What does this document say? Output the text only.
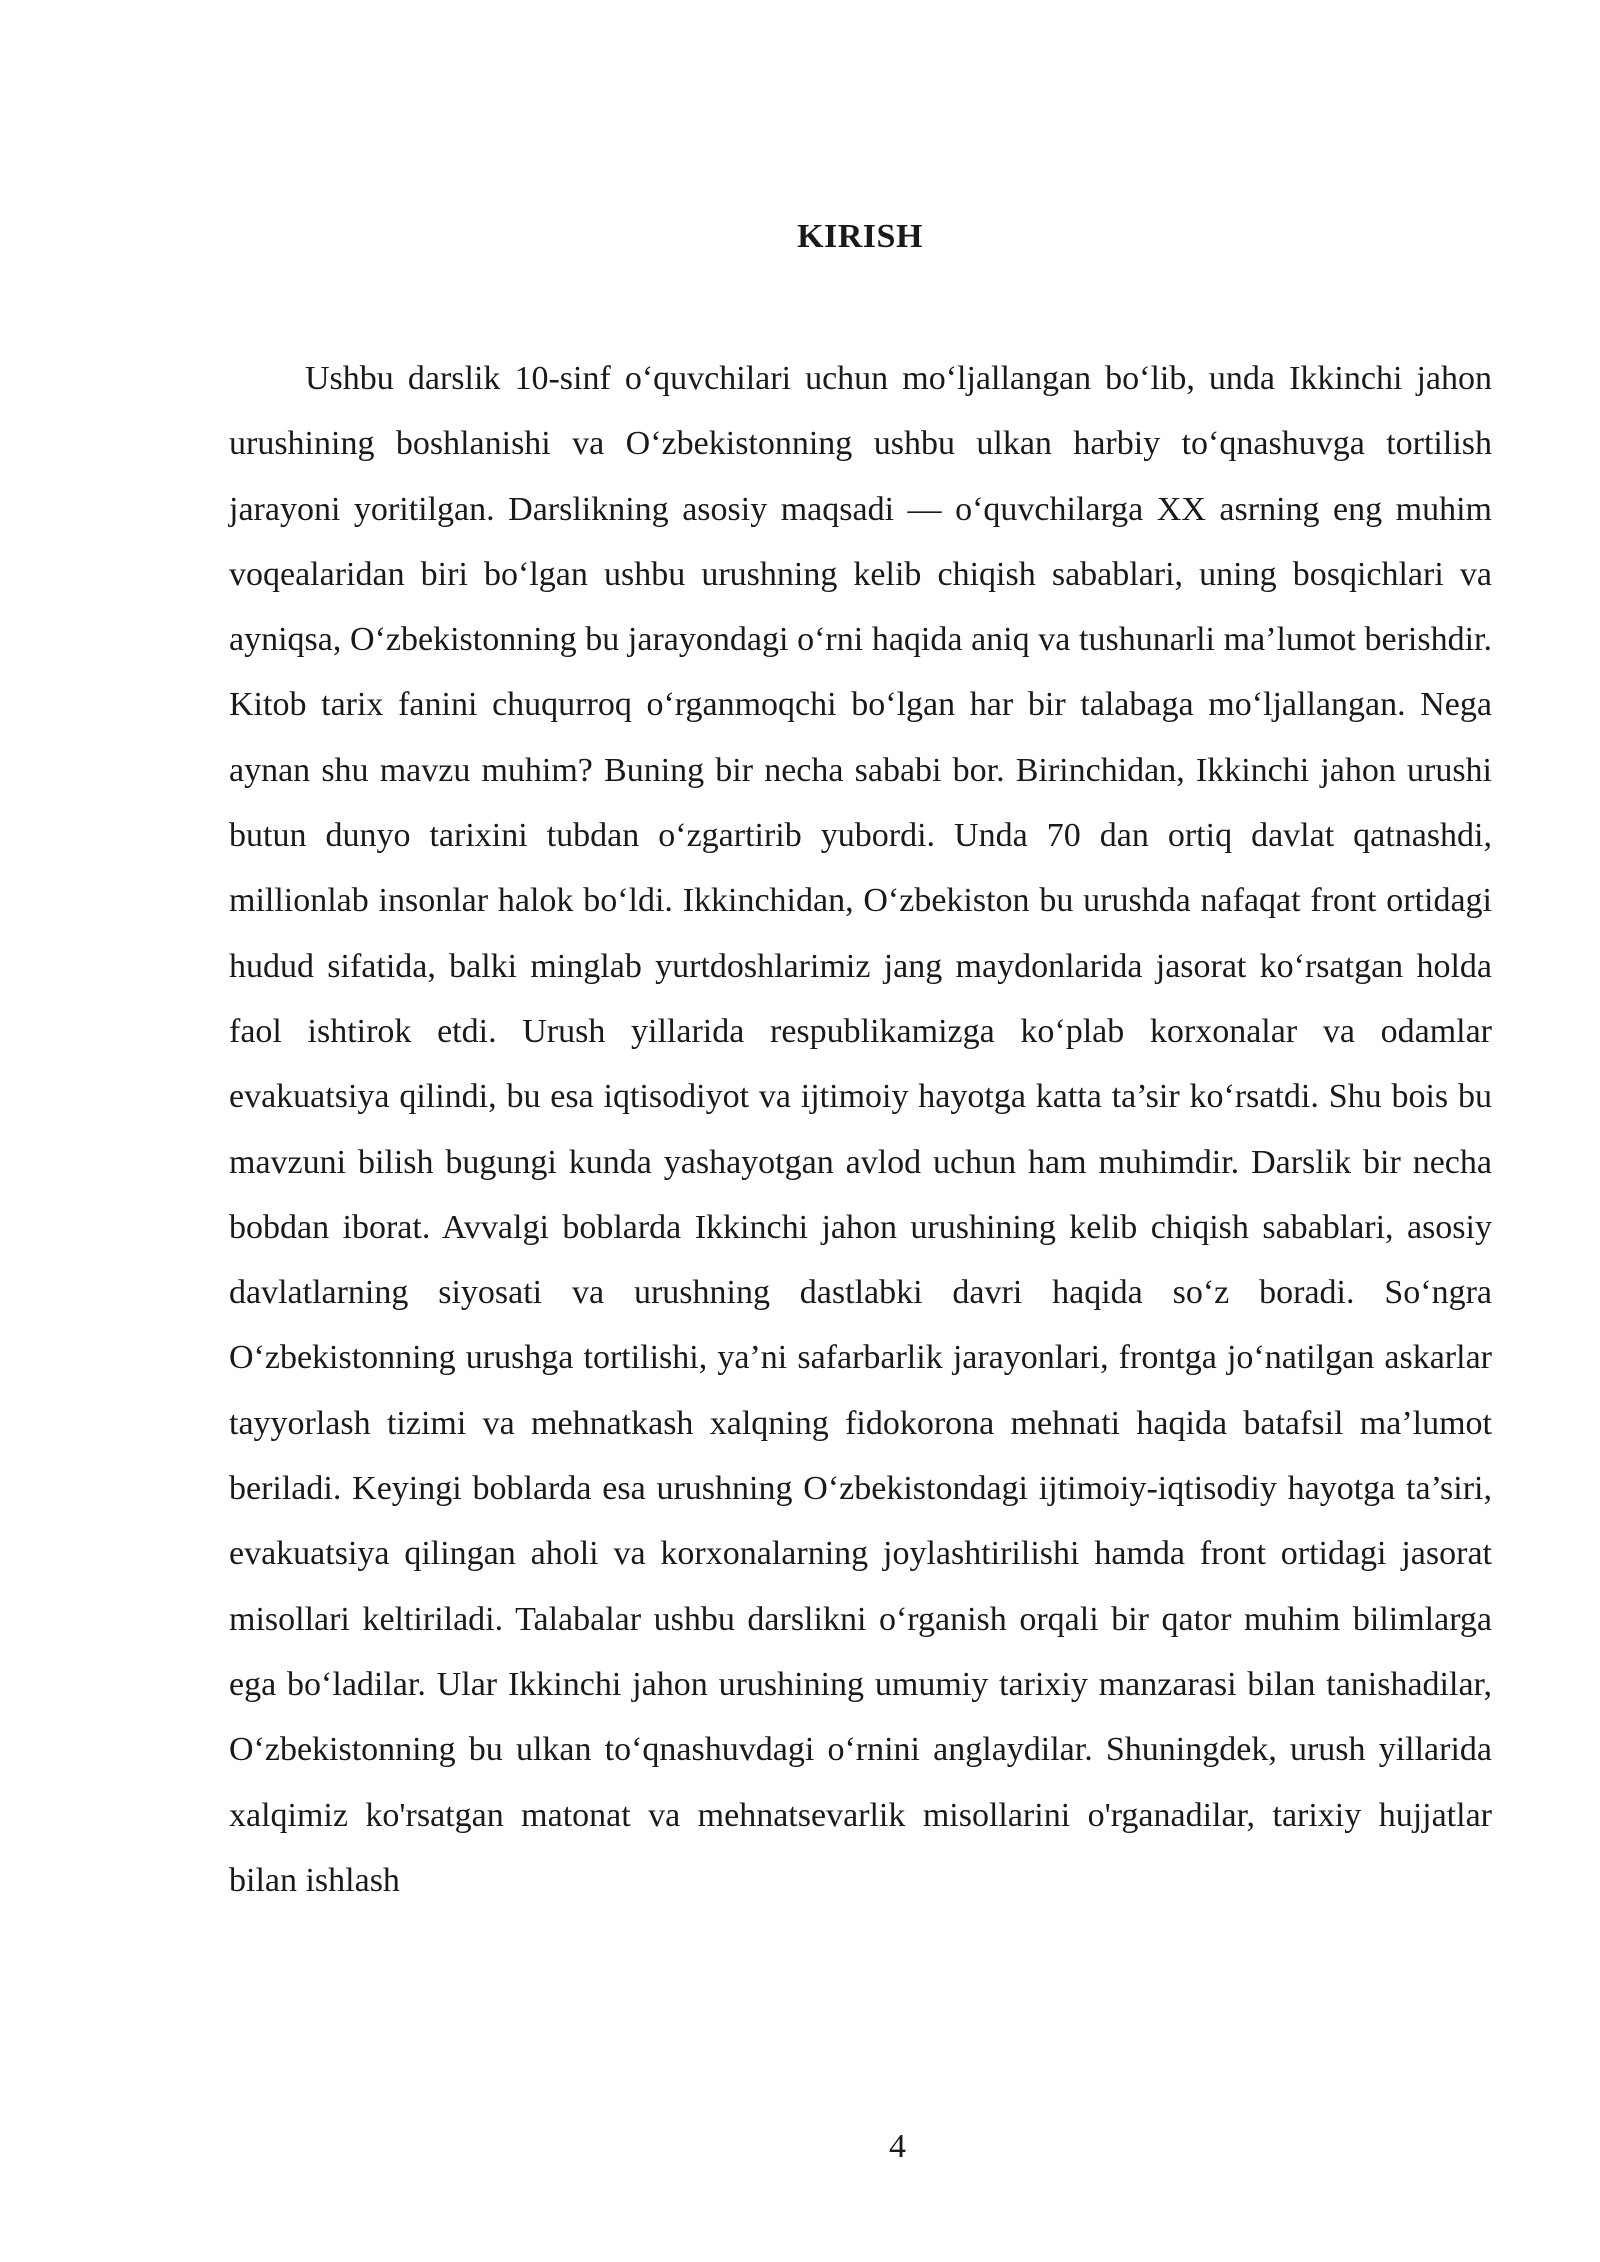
KIRISH

Ushbu darslik 10-sinf o‘quvchilari uchun mo‘ljallangan bo‘lib, unda Ikkinchi jahon urushining boshlanishi va O‘zbekistonning ushbu ulkan harbiy to‘qnashuvga tortilish jarayoni yoritilgan. Darslikning asosiy maqsadi — o‘quvchilarga XX asrning eng muhim voqealaridan biri bo‘lgan ushbu urushning kelib chiqish sabablari, uning bosqichlari va ayniqsa, O‘zbekistonning bu jarayondagi o‘rni haqida aniq va tushunarli ma’lumot berishdir. Kitob tarix fanini chuqurroq o‘rganmoqchi bo‘lgan har bir talabaga mo‘ljallangan. Nega aynan shu mavzu muhim? Buning bir necha sababi bor. Birinchidan, Ikkinchi jahon urushi butun dunyo tarixini tubdan o‘zgartirib yubordi. Unda 70 dan ortiq davlat qatnashdi, millionlab insonlar halok bo‘ldi. Ikkinchidan, O‘zbekiston bu urushda nafaqat front ortidagi hudud sifatida, balki minglab yurtdoshlarimiz jang maydonlarida jasorat ko‘rsatgan holda faol ishtirok etdi. Urush yillarida respublikamizga ko‘plab korxonalar va odamlar evakuatsiya qilindi, bu esa iqtisodiyot va ijtimoiy hayotga katta ta’sir ko‘rsatdi. Shu bois bu mavzuni bilish bugungi kunda yashayotgan avlod uchun ham muhimdir. Darslik bir necha bobdan iborat. Avvalgi boblarda Ikkinchi jahon urushining kelib chiqish sabablari, asosiy davlatlarning siyosati va urushning dastlabki davri haqida so‘z boradi. So‘ngra O‘zbekistonning urushga tortilishi, ya’ni safarbarlik jarayonlari, frontga jo‘natilgan askarlar tayyorlash tizimi va mehnatkash xalqning fidokorona mehnati haqida batafsil ma’lumot beriladi. Keyingi boblarda esa urushning O‘zbekistondagi ijtimoiy-iqtisodiy hayotga ta’siri, evakuatsiya qilingan aholi va korxonalarning joylashtirilishi hamda front ortidagi jasorat misollari keltiriladi. Talabalar ushbu darslikni o‘rganish orqali bir qator muhim bilimlarga ega bo‘ladilar. Ular Ikkinchi jahon urushining umumiy tarixiy manzarasi bilan tanishadilar, O‘zbekistonning bu ulkan to‘qnashuvdagi o‘rnini anglaydilar. Shuningdek, urush yillarida xalqimiz ko'rsatgan matonat va mehnatsevarlik misollarini o'rganadilar, tarixiy hujjatlar bilan ishlash

4
